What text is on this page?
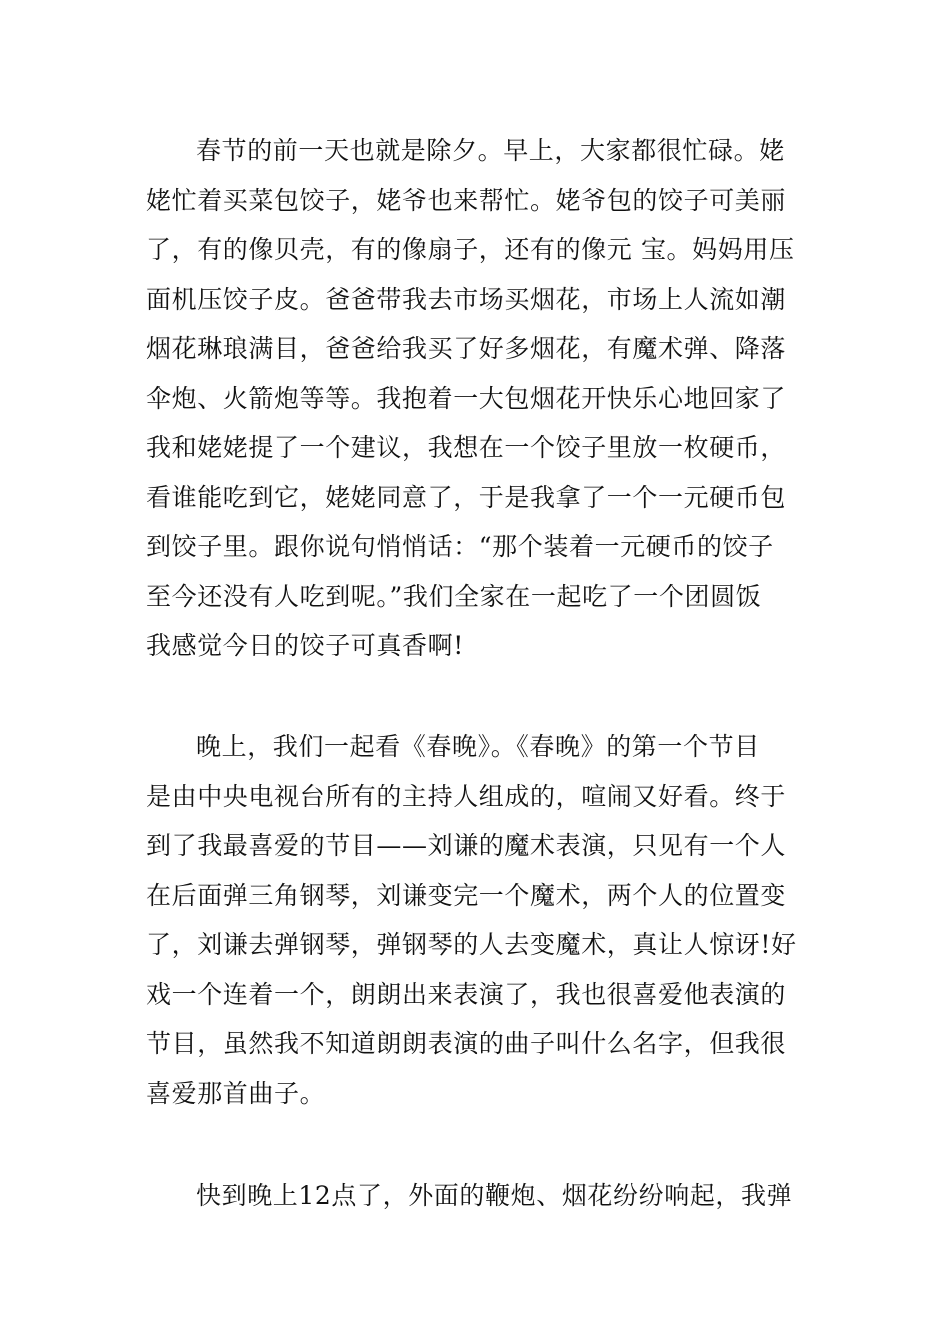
春节的前一天也就是除夕。早上，大家都很忙碌。姥
姥忙着买菜包饺子，姥爷也来帮忙。姥爷包的饺子可美丽
了，有的像贝壳，有的像扇子，还有的像元 宝。妈妈用压
面机压饺子皮。爸爸带我去市场买烟花，市场上人流如潮
烟花琳琅满目，爸爸给我买了好多烟花，有魔术弹、降落
伞炮、火箭炮等等。我抱着一大包烟花开快乐心地回家了
我和姥姥提了一个建议，我想在一个饺子里放一枚硬币，
看谁能吃到它，姥姥同意了，于是我拿了一个一元硬币包
到饺子里。跟你说句悄悄话：“那个装着一元硬币的饺子
至今还没有人吃到呢。”我们全家在一起吃了一个团圆饭
我感觉今日的饺子可真香啊!
晚上，我们一起看《春晚》。《春晚》的第一个节目
是由中央电视台所有的主持人组成的，喧闹又好看。终于
到了我最喜爱的节目——刘谦的魔术表演，只见有一个人
在后面弹三角钢琴，刘谦变完一个魔术，两个人的位置变
了，刘谦去弹钢琴，弹钢琴的人去变魔术，真让人惊讶!好
戏一个连着一个，朗朗出来表演了，我也很喜爱他表演的
节目，虽然我不知道朗朗表演的曲子叫什么名字，但我很
喜爱那首曲子。
快到晚上12点了，外面的鞭炮、烟花纷纷响起，我弹
